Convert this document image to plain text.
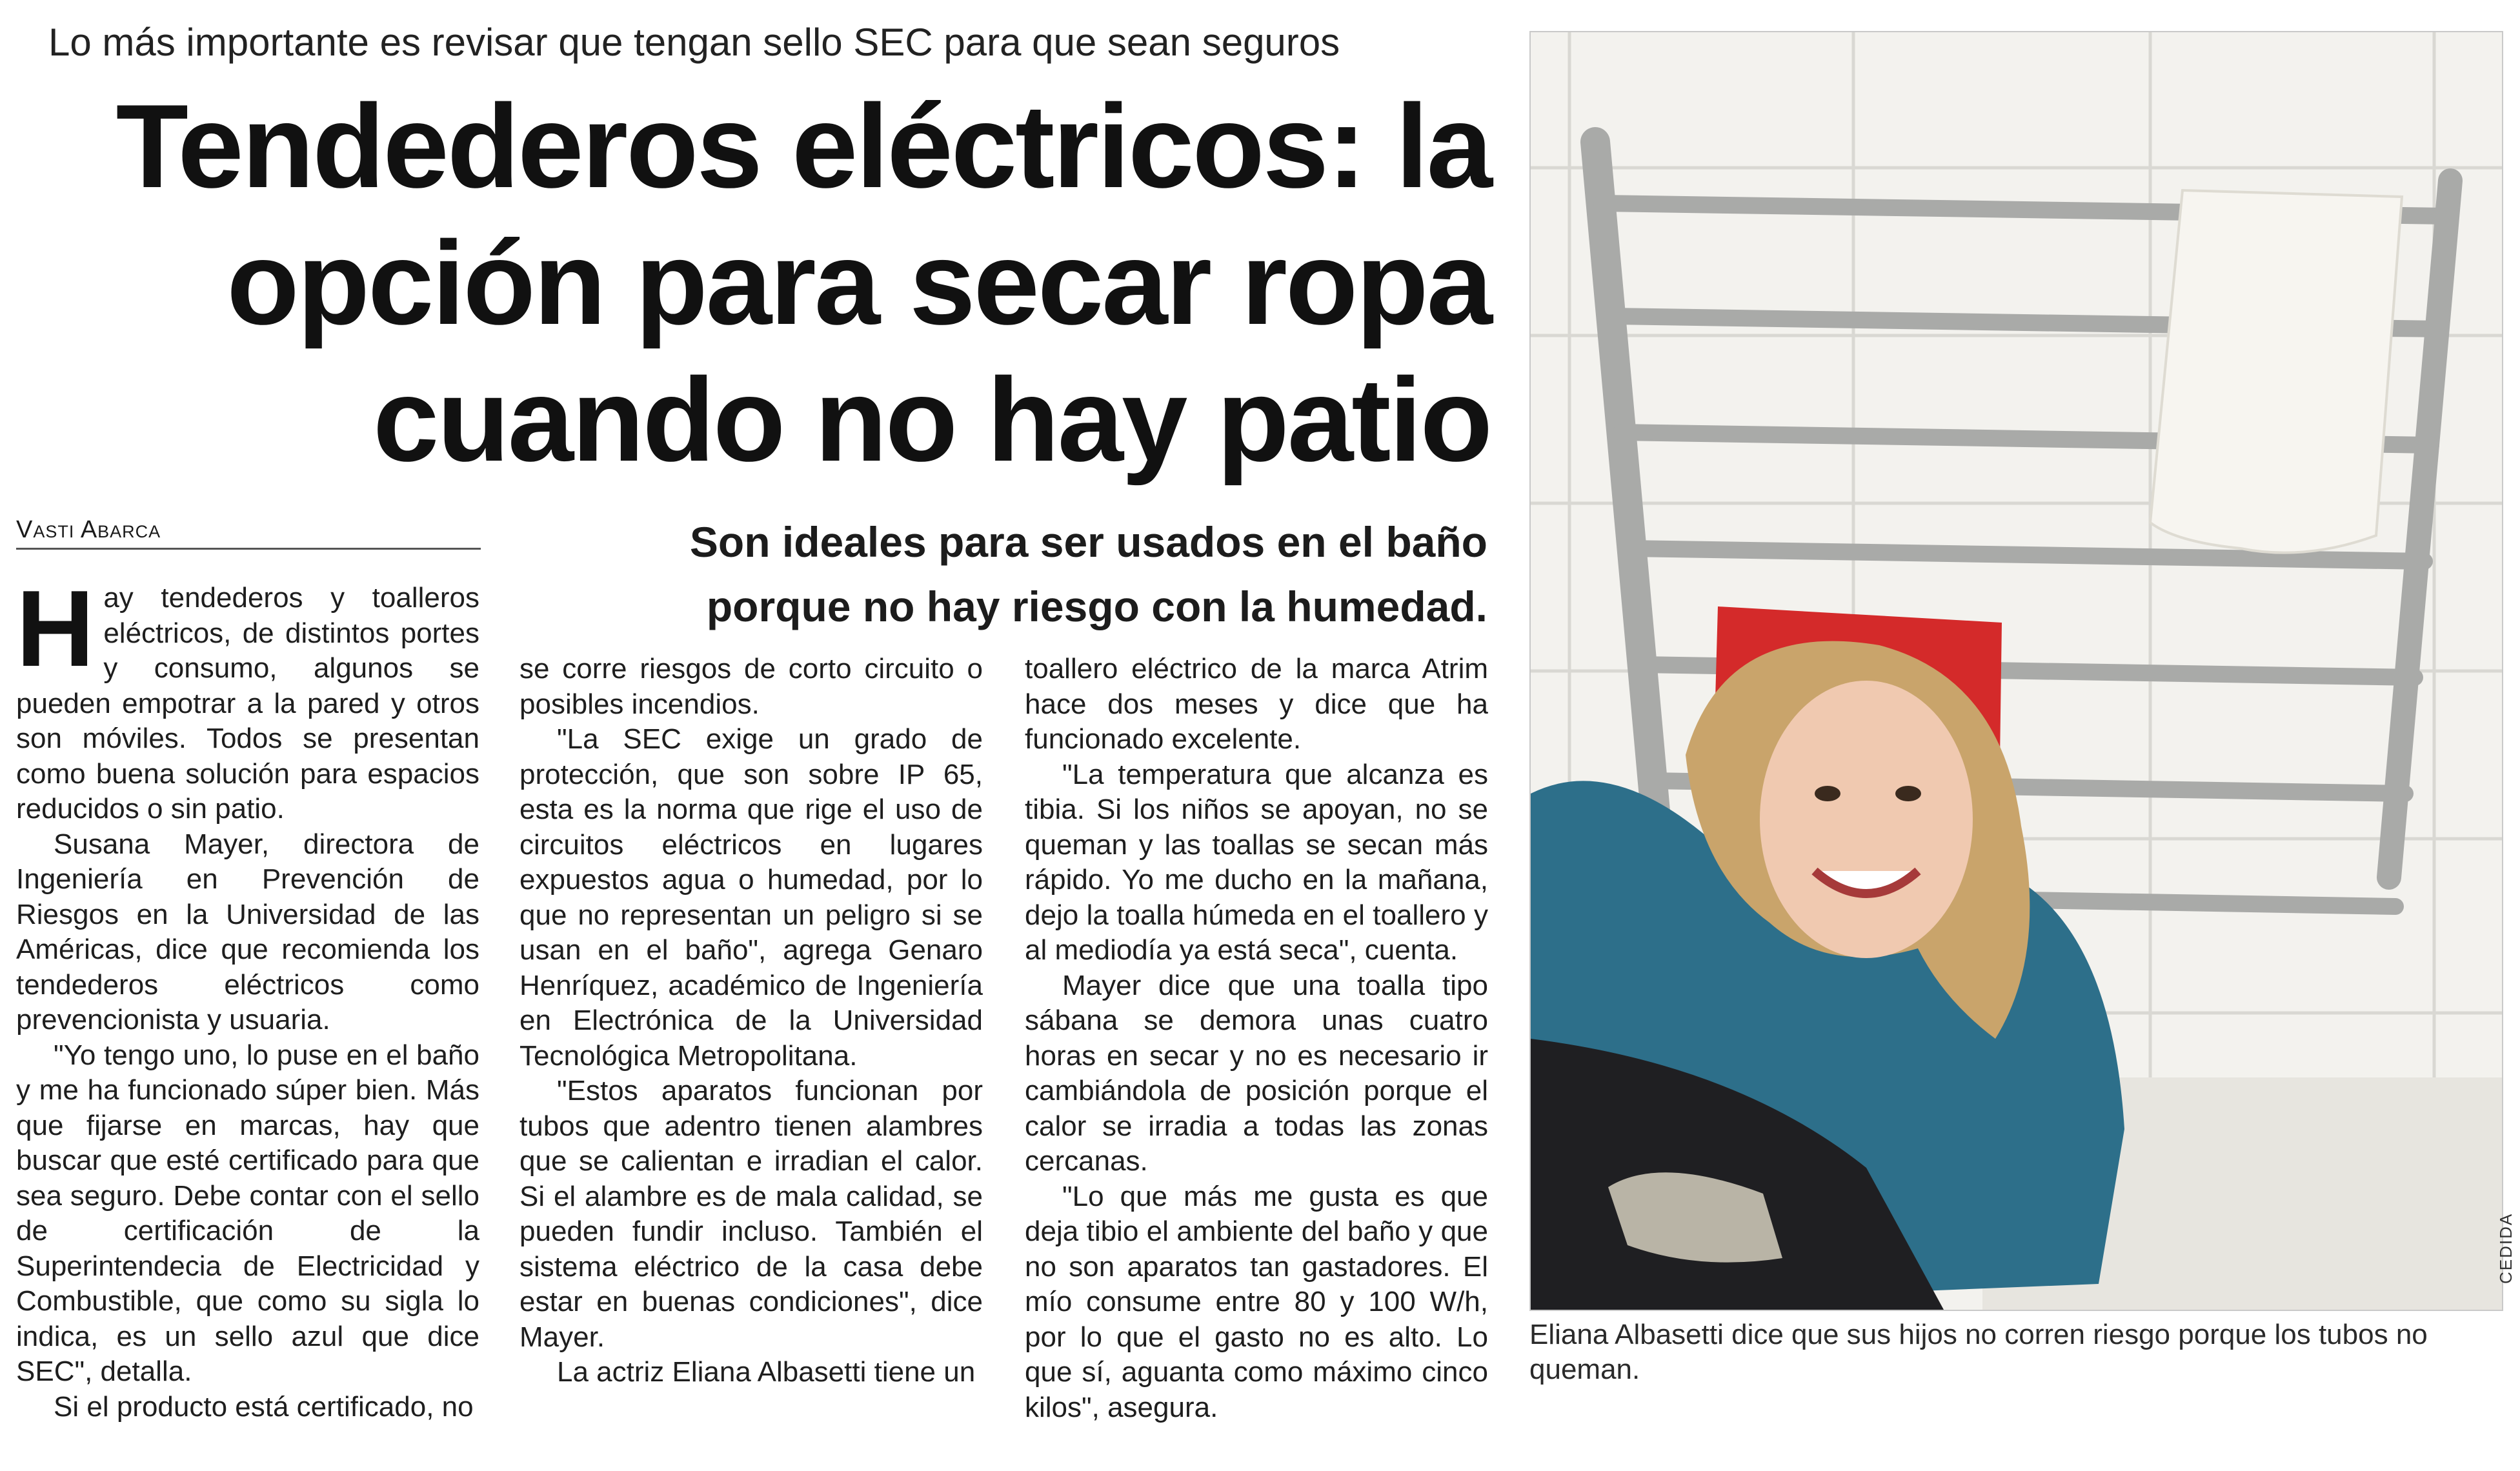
Lo más importante es revisar que tengan sello SEC para que sean seguros
Tendederos eléctricos: la
opción para secar ropa
cuando no hay patio
Vasti Abarca	Son ideales para ser usados en el baño
porque no hay riesgo con la humedad.

Hay tendederos y toalleros eléctricos, de distintos portes y consumo, algunos se pueden empotrar a la pared y otros son móviles. Todos se presentan como buena solución para espacios reducidos o sin patio.

Susana Mayer, directora de Ingeniería en Prevención de Riesgos en la Universidad de las Américas, dice que recomienda los tendederos eléctricos como prevencionista y usuaria.

"Yo tengo uno, lo puse en el baño y me ha funcionado súper bien. Más que fijarse en marcas, hay que buscar que esté certificado para que sea seguro. Debe contar con el sello de certificación de la Superintendecia de Electricidad y Combustible, que como su sigla lo indica, es un sello azul que dice SEC", detalla.

Si el producto está certificado, no

se corre riesgos de corto circuito o posibles incendios.

"La SEC exige un grado de protección, que son sobre IP 65, esta es la norma que rige el uso de circuitos eléctricos en lugares expuestos agua o humedad, por lo que no representan un peligro si se usan en el baño", agrega Genaro Henríquez, académico de Ingeniería en Electrónica de la Universidad Tecnológica Metropolitana.

"Estos aparatos funcionan por tubos que adentro tienen alambres que se calientan e irradian el calor. Si el alambre es de mala calidad, se pueden fundir incluso. También el sistema eléctrico de la casa debe estar en buenas condiciones", dice Mayer.

La actriz Eliana Albasetti tiene un

toallero eléctrico de la marca Atrim hace dos meses y dice que ha funcionado excelente.

"La temperatura que alcanza es tibia. Si los niños se apoyan, no se queman y las toallas se secan más rápido. Yo me ducho en la mañana, dejo la toalla húmeda en el toallero y al mediodía ya está seca", cuenta.

Mayer dice que una toalla tipo sábana se demora unas cuatro horas en secar y no es necesario ir cambiándola de posición porque el calor se irradia a todas las zonas cercanas.

"Lo que más me gusta es que deja tibio el ambiente del baño y que no son aparatos tan gastadores. El mío consume entre 80 y 100 W/h, por lo que el gasto no es alto. Lo que sí, aguanta como máximo cinco kilos", asegura.

CEDIDA
Eliana Albasetti dice que sus hijos no corren riesgo porque los tubos no queman.
